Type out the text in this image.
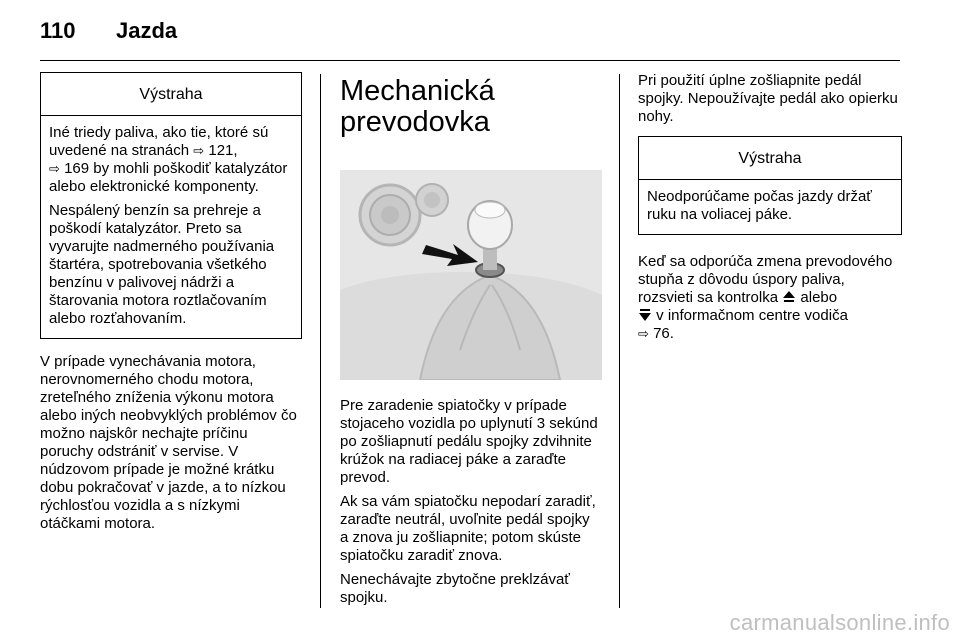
110 Jazda
Výstraha

Iné triedy paliva, ako tie, ktoré sú uvedené na stranách ⇨ 121,
⇨ 169 by mohli poškodiť katalyzátor alebo elektronické komponenty.

Nespálený benzín sa prehreje a poškodí katalyzátor. Preto sa vyvarujte nadmerného používania štartéra, spotrebovania všetkého benzínu v palivovej nádrži a štarovania motora roztlačovaním alebo rozťahovaním.

V prípade vynechávania motora, nerovnomerného chodu motora, zreteľného zníženia výkonu motora alebo iných neobvyklých problémov čo možno najskôr nechajte príčinu poruchy odstrániť v servise. V núdzovom prípade je možné krátku dobu pokračovať v jazde, a to nízkou rýchlosťou vozidla a s nízkymi otáčkami motora.

Mechanická
prevodovka

Pre zaradenie spiatočky v prípade stojaceho vozidla po uplynutí 3 sekúnd po zošliapnutí pedálu spojky zdvihnite krúžok na radiacej páke a zaraďte prevod.

Ak sa vám spiatočku nepodarí zaradiť, zaraďte neutrál, uvoľnite pedál spojky a znova ju zošliapnite; potom skúste spiatočku zaradiť znova.

Nenechávajte zbytočne preklzávať spojku.

Pri použití úplne zošliapnite pedál spojky. Nepoužívajte pedál ako opierku nohy.

Výstraha

Neodporúčame počas jazdy držať ruku na voliacej páke.

Keď sa odporúča zmena prevodového stupňa z dôvodu úspory paliva, rozsvieti sa kontrolka  alebo
v informačnom centre vodiča
⇨ 76.

carmanualsonline.info
